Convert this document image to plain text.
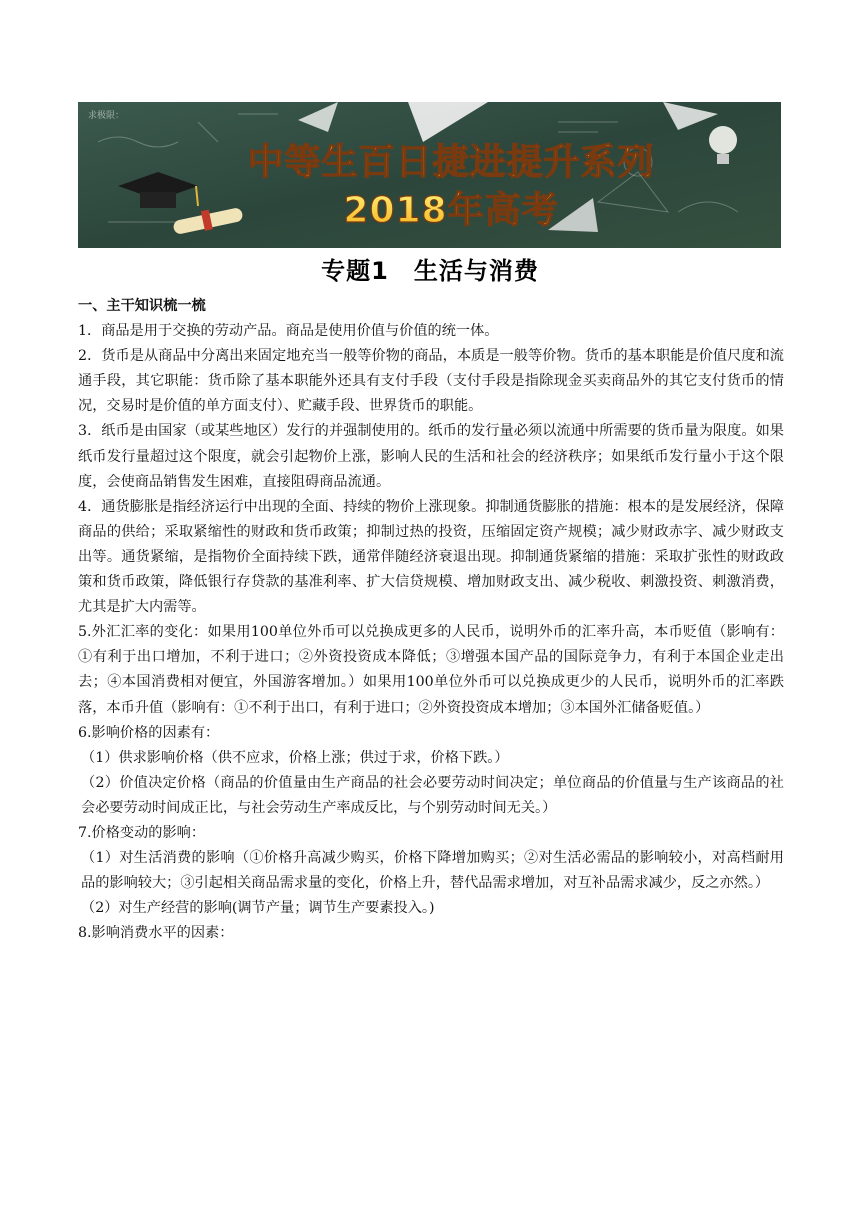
求极限：
中等生百日捷进提升系列
2018年高考
专题1　生活与消费

一、主干知识梳一梳

1．商品是用于交换的劳动产品。商品是使用价值与价值的统一体。

2．货币是从商品中分离出来固定地充当一般等价物的商品，本质是一般等价物。货币的基本职能是价值尺度和流通手段，其它职能：货币除了基本职能外还具有支付手段（支付手段是指除现金买卖商品外的其它支付货币的情况，交易时是价值的单方面支付）、贮藏手段、世界货币的职能。

3．纸币是由国家（或某些地区）发行的并强制使用的。纸币的发行量必须以流通中所需要的货币量为限度。如果纸币发行量超过这个限度，就会引起物价上涨，影响人民的生活和社会的经济秩序；如果纸币发行量小于这个限度，会使商品销售发生困难，直接阻碍商品流通。

4．通货膨胀是指经济运行中出现的全面、持续的物价上涨现象。抑制通货膨胀的措施：根本的是发展经济，保障商品的供给；采取紧缩性的财政和货币政策；抑制过热的投资，压缩固定资产规模；减少财政赤字、减少财政支出等。通货紧缩，是指物价全面持续下跌，通常伴随经济衰退出现。抑制通货紧缩的措施：采取扩张性的财政政策和货币政策，降低银行存贷款的基准利率、扩大信贷规模、增加财政支出、减少税收、刺激投资、刺激消费，尤其是扩大内需等。

5.外汇汇率的变化：如果用100单位外币可以兑换成更多的人民币，说明外币的汇率升高，本币贬值（影响有：①有利于出口增加，不利于进口；②外资投资成本降低；③增强本国产品的国际竞争力，有利于本国企业走出去；④本国消费相对便宜，外国游客增加。）如果用100单位外币可以兑换成更少的人民币，说明外币的汇率跌落，本币升值（影响有：①不利于出口，有利于进口；②外资投资成本增加；③本国外汇储备贬值。）

6.影响价格的因素有：

（1）供求影响价格（供不应求，价格上涨；供过于求，价格下跌。）

（2）价值决定价格（商品的价值量由生产商品的社会必要劳动时间决定；单位商品的价值量与生产该商品的社会必要劳动时间成正比，与社会劳动生产率成反比，与个别劳动时间无关。）

7.价格变动的影响：

（1）对生活消费的影响（①价格升高减少购买，价格下降增加购买；②对生活必需品的影响较小，对高档耐用品的影响较大；③引起相关商品需求量的变化，价格上升，替代品需求增加，对互补品需求减少，反之亦然。）

（2）对生产经营的影响(调节产量；调节生产要素投入。)

8.影响消费水平的因素：
